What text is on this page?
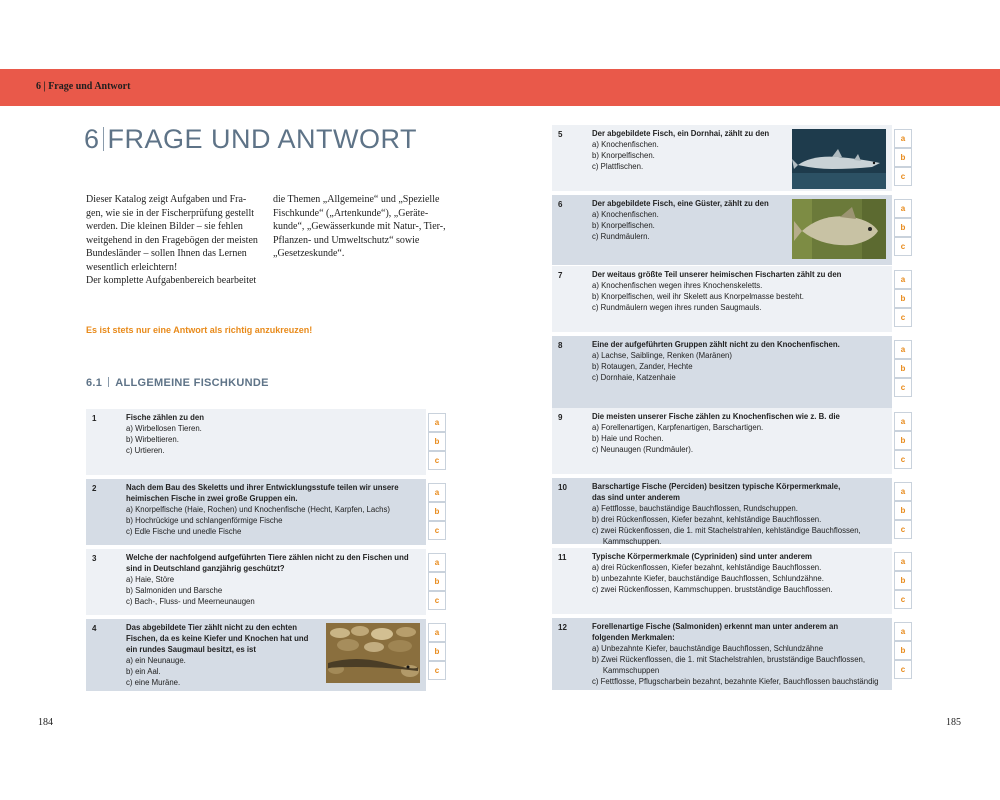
6 | Frage und Antwort
6 FRAGE UND ANTWORT
Dieser Katalog zeigt Aufgaben und Fra-
gen, wie sie in der Fischerprüfung gestellt
werden. Die kleinen Bilder – sie fehlen
weitgehend in den Fragebögen der meisten
Bundesländer – sollen Ihnen das Lernen
wesentlich erleichtern!
Der komplette Aufgabenbereich bearbeitet
die Themen „Allgemeine“ und „Spezielle
Fischkunde“ („Artenkunde“), „Geräte-
kunde“, „Gewässerkunde mit Natur-, Tier-,
Pflanzen- und Umweltschutz“ sowie
„Gesetzeskunde“.
Es ist stets nur eine Antwort als richtig anzukreuzen!
6.1 ALLGEMEINE FISCHKUNDE
1	Fische zählen zu den
a) Wirbellosen Tieren.
b) Wirbeltieren.
c) Urtieren.
a
b
c
2	Nach dem Bau des Skeletts und ihrer Entwicklungsstufe teilen wir unsere
heimischen Fische in zwei große Gruppen ein.
a) Knorpelfische (Haie, Rochen) und Knochenfische (Hecht, Karpfen, Lachs)
b) Hochrückige und schlangenförmige Fische
c) Edle Fische und unedle Fische
a
b
c
3	Welche der nachfolgend aufgeführten Tiere zählen nicht zu den Fischen und
sind in Deutschland ganzjährig geschützt?
a) Haie, Störe
b) Salmoniden und Barsche
c) Bach-, Fluss- und Meerneunaugen
a
b
c
4	Das abgebildete Tier zählt nicht zu den echten
Fischen, da es keine Kiefer und Knochen hat und
ein rundes Saugmaul besitzt, es ist
a) ein Neunauge.
b) ein Aal.
c) eine Muräne.
a
b
c
5	Der abgebildete Fisch, ein Dornhai, zählt zu den
a) Knochenfischen.
b) Knorpelfischen.
c) Plattfischen.
a
b
c
6	Der abgebildete Fisch, eine Güster, zählt zu den
a) Knochenfischen.
b) Knorpelfischen.
c) Rundmäulern.
a
b
c
7	Der weitaus größte Teil unserer heimischen Fischarten zählt zu den
a) Knochenfischen wegen ihres Knochenskeletts.
b) Knorpelfischen, weil ihr Skelett aus Knorpelmasse besteht.
c) Rundmäulern wegen ihres runden Saugmauls.
a
b
c
8	Eine der aufgeführten Gruppen zählt nicht zu den Knochenfischen.
a) Lachse, Saiblinge, Renken (Maränen)
b) Rotaugen, Zander, Hechte
c) Dornhaie, Katzenhaie
a
b
c
9	Die meisten unserer Fische zählen zu Knochenfischen wie z. B. die
a) Forellenartigen, Karpfenartigen, Barschartigen.
b) Haie und Rochen.
c) Neunaugen (Rundmäuler).
a
b
c
10	Barschartige Fische (Perciden) besitzen typische Körpermerkmale,
das sind unter anderem
a) Fettflosse, bauchständige Bauchflossen, Rundschuppen.
b) drei Rückenflossen, Kiefer bezahnt, kehlständige Bauchflossen.
c) zwei Rückenflossen, die 1. mit Stachelstrahlen, kehlständige Bauchflossen,
Kammschuppen.
a
b
c
11	Typische Körpermerkmale (Cypriniden) sind unter anderem
a) drei Rückenflossen, Kiefer bezahnt, kehlständige Bauchflossen.
b) unbezahnte Kiefer, bauchständige Bauchflossen, Schlundzähne.
c) zwei Rückenflossen, Kammschuppen. brustständige Bauchflossen.
a
b
c
12	Forellenartige Fische (Salmoniden) erkennt man unter anderem an
folgenden Merkmalen:
a) Unbezahnte Kiefer, bauchständige Bauchflossen, Schlundzähne
b) Zwei Rückenflossen, die 1. mit Stachelstrahlen, brustständige Bauchflossen,
Kammschuppen
c) Fettflosse, Pflugscharbein bezahnt, bezahnte Kiefer, Bauchflossen bauchständig
a
b
c
184	185
